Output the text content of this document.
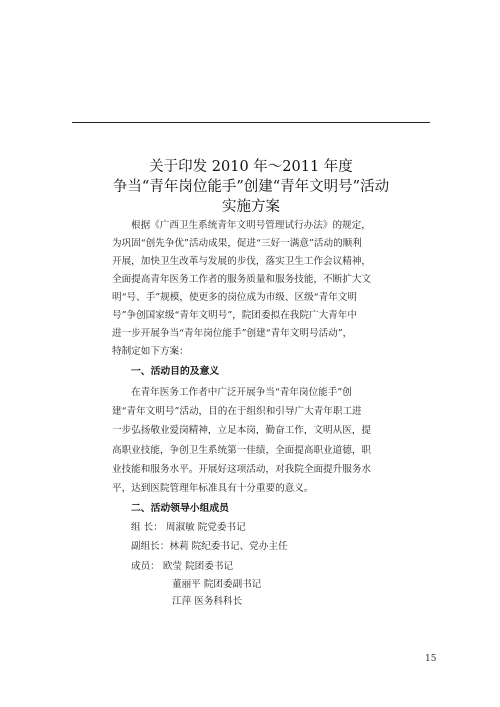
关于印发 2010 年～2011 年度
争当“青年岗位能手”创建“青年文明号”活动
实施方案
根据《广西卫生系统青年文明号管理试行办法》的规定，
为巩固“创先争优”活动成果，促进“三好一满意”活动的顺利
开展，加快卫生改革与发展的步伐，落实卫生工作会议精神，
全面提高青年医务工作者的服务质量和服务技能，不断扩大文
明“号、手”规模，使更多的岗位成为市级、区级“青年文明
号”争创国家级“青年文明号”，院团委拟在我院广大青年中
进一步开展争当“青年岗位能手”创建“青年文明号活动”，
特制定如下方案：
一、活动目的及意义
在青年医务工作者中广泛开展争当“青年岗位能手”创
建“青年文明号”活动，目的在于组织和引导广大青年职工进
一步弘扬敬业爱岗精神，立足本岗，勤奋工作，文明从医，提
高职业技能，争创卫生系统第一佳绩，全面提高职业道德，职
业技能和服务水平。开展好这项活动，对我院全面提升服务水
平，达到医院管理年标准具有十分重要的意义。
二、活动领导小组成员
组 长： 周淑敏 院党委书记
副组长：林莉 院纪委书记、党办主任
成员： 欧莹 院团委书记
董丽平 院团委副书记
江萍 医务科科长
15
